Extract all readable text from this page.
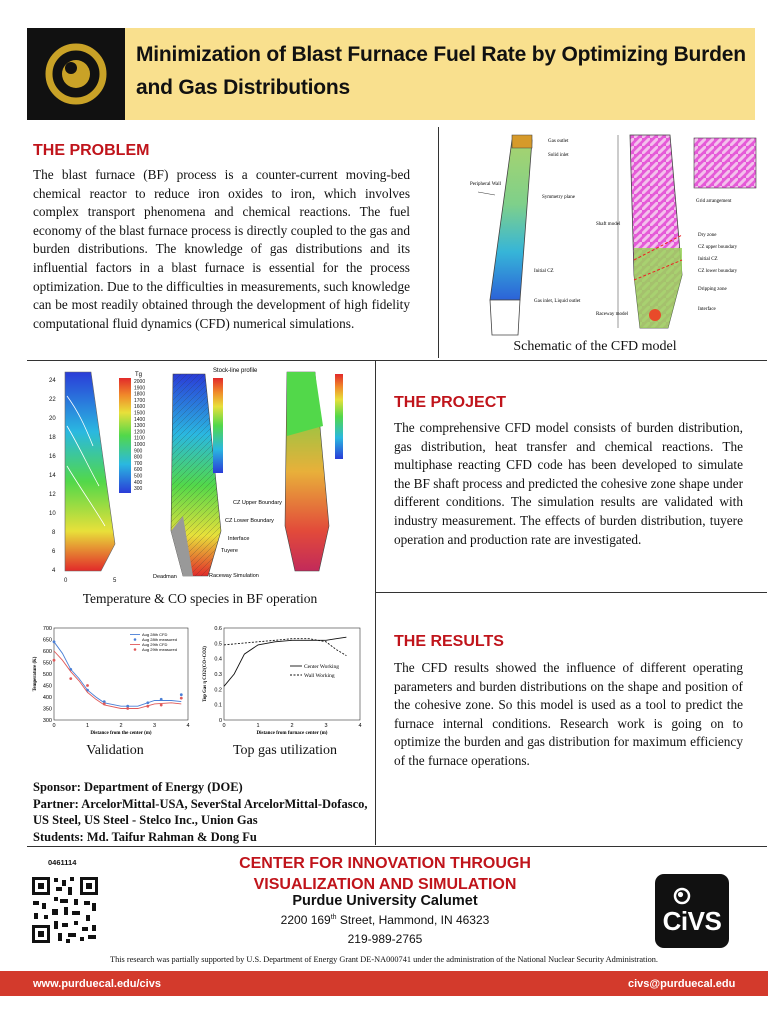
Minimization of Blast Furnace Fuel Rate by Optimizing Burden and Gas Distributions
THE PROBLEM
The blast furnace (BF) process is a counter-current moving-bed chemical reactor to reduce iron oxides to iron, which involves complex transport phenomena and chemical reactions. The fuel economy of the blast furnace process is directly coupled to the gas and burden distributions. The knowledge of gas distributions and its influential factors in a blast furnace is essential for the process optimization. Due to the difficulties in measurements, such knowledge can be most readily obtained through the development of high fidelity computational fluid dynamics (CFD) numerical simulations.
Peripheral Wall
Gas outlet
Solid inlet
Symmetry plane
Initial CZ
Gas inlet, Liquid outlet
Shaft model
Raceway model
Grid arrangement
Dry zone
CZ upper boundary
Initial CZ
CZ lower boundary
Dripping zone
Interface
Schematic of the CFD model
24
22
20
18
16
14
12
10
8
6
4
0	5
Tg
2000
1900
1800
1700
1600
1500
1400
1300
1200
1100
1000
900
800
700
600
500
400
300
Stock-line profile
CZ Upper Boundary
CZ Lower Boundary
Interface
Tuyere
Deadman	Raceway Simulation
Temperature & CO species in BF operation
THE PROJECT
The comprehensive CFD model consists of burden distribution, gas distribution, heat transfer and chemical reactions. The multiphase reacting CFD code has been developed to simulate the BF shaft process and predicted the cohesive zone shape under different conditions. The simulation results are validated with industry measurement. The effects of burden distribution, tuyere operation and production rate are investigated.
700
650
600
550
500
450
400
350
300
0	1	2	3	4
Distance from the center (m)
Temperature (K)
Aug 28th CFD
Aug 28th measured
Aug 29th CFD
Aug 29th measured
Validation
0.6
0.5
0.4
0.3
0.2
0.1
0
0	1	2	3	4
Distance from furnace center (m)
Top Gas η CO2/(CO+CO2)	Center Working
Wall Working
Top gas utilization
THE RESULTS
The CFD results showed the influence of different operating parameters and burden distributions on the shape and position of the cohesive zone. So this model is used as a tool to predict the furnace internal conditions. Research work is going on to optimize the burden and gas distribution for maximum efficiency of the furnace operations.
Sponsor: Department of Energy (DOE)
Partner: ArcelorMittal-USA, SeverStal ArcelorMittal-Dofasco, US Steel, US Steel - Stelco Inc., Union Gas
Students: Md. Taifur Rahman & Dong Fu
0461114	CENTER FOR INNOVATION THROUGH
VISUALIZATION AND SIMULATION
Purdue University Calumet
2200 169th Street, Hammond, IN 46323
219-989-2765
CiVS
This research was partially supported by U.S. Department of Energy Grant DE-NA000741 under the administration of the National Nuclear Security Administration.
www.purduecal.edu/civs	civs@purduecal.edu
